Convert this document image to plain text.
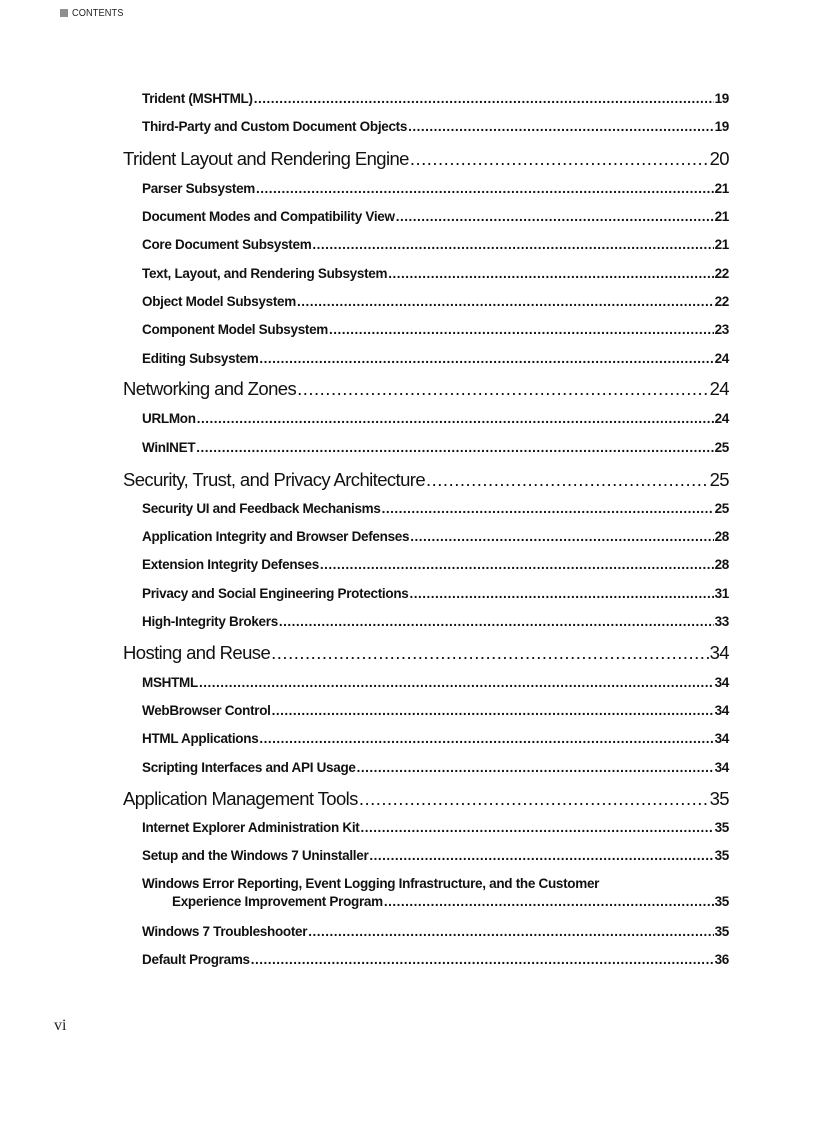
CONTENTS
Trident (MSHTML) .....	19
Third-Party and Custom Document Objects .....	19
Trident Layout and Rendering Engine .....	20
Parser Subsystem .....	21
Document Modes and Compatibility View .....	21
Core Document Subsystem .....	21
Text, Layout, and Rendering Subsystem .....	22
Object Model Subsystem .....	22
Component Model Subsystem .....	23
Editing Subsystem .....	24
Networking and Zones .....	24
URLMon .....	24
WinINET .....	25
Security, Trust, and Privacy Architecture .....	25
Security UI and Feedback Mechanisms .....	25
Application Integrity and Browser Defenses .....	28
Extension Integrity Defenses .....	28
Privacy and Social Engineering Protections .....	31
High-Integrity Brokers .....	33
Hosting and Reuse .....	34
MSHTML .....	34
WebBrowser Control .....	34
HTML Applications .....	34
Scripting Interfaces and API Usage .....	34
Application Management Tools .....	35
Internet Explorer Administration Kit .....	35
Setup and the Windows 7 Uninstaller .....	35
Windows Error Reporting, Event Logging Infrastructure, and the Customer
Experience Improvement Program .....	35
Windows 7 Troubleshooter .....	35
Default Programs .....	36
vi
